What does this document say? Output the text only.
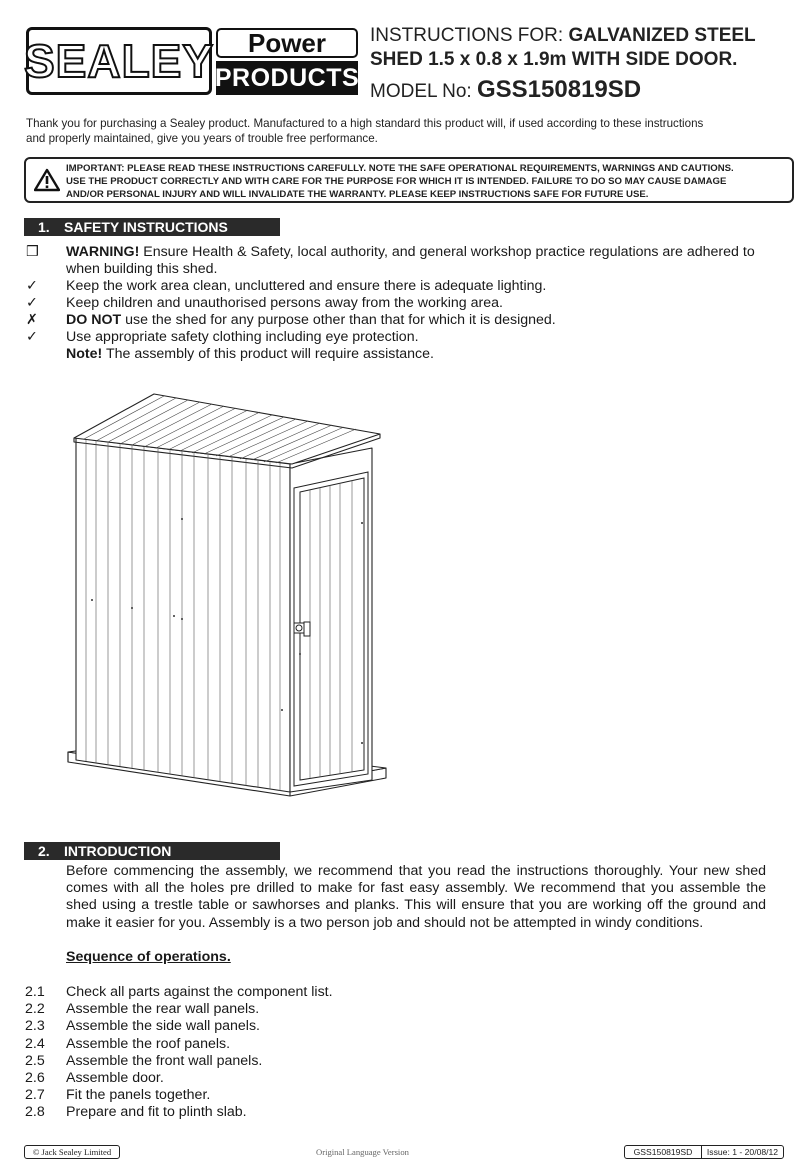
SEALEY Power
PRODUCTS
INSTRUCTIONS FOR: GALVANIZED STEEL
SHED 1.5 x 0.8 x 1.9m WITH SIDE DOOR.
MODEL No: GSS150819SD
Thank you for purchasing a Sealey product. Manufactured to a high standard this product will, if used according to these instructions
and properly maintained, give you years of trouble free performance.
IMPORTANT: PLEASE READ THESE INSTRUCTIONS CAREFULLY. NOTE THE SAFE OPERATIONAL REQUIREMENTS, WARNINGS AND CAUTIONS.
USE THE PRODUCT CORRECTLY AND WITH CARE FOR THE PURPOSE FOR WHICH IT IS INTENDED. FAILURE TO DO SO MAY CAUSE DAMAGE
AND/OR PERSONAL INJURY AND WILL INVALIDATE THE WARRANTY. PLEASE KEEP INSTRUCTIONS SAFE FOR FUTURE USE.
1. SAFETY INSTRUCTIONS
❒ WARNING! Ensure Health & Safety, local authority, and general workshop practice regulations are adhered to
when building this shed.
✓ Keep the work area clean, uncluttered and ensure there is adequate lighting.
✓ Keep children and unauthorised persons away from the working area.
✗ DO NOT use the shed for any purpose other than that for which it is designed.
✓ Use appropriate safety clothing including eye protection.
Note! The assembly of this product will require assistance.
2. INTRODUCTION
Before commencing the assembly, we recommend that you read the instructions thoroughly. Your new shed comes with all the holes pre drilled to make for fast easy assembly. We recommend that you assemble the shed using a trestle table or sawhorses and planks. This will ensure that you are working off the ground and make it easier for you. Assembly is a two person job and should not be attempted in windy conditions.
Sequence of operations.
2.1 Check all parts against the component list.
2.2 Assemble the rear wall panels.
2.3 Assemble the side wall panels.
2.4 Assemble the roof panels.
2.5 Assemble the front wall panels.
2.6 Assemble door.
2.7 Fit the panels together.
2.8 Prepare and fit to plinth slab.
© Jack Sealey Limited	Original Language Version	GSS150819SD	Issue: 1 - 20/08/12
